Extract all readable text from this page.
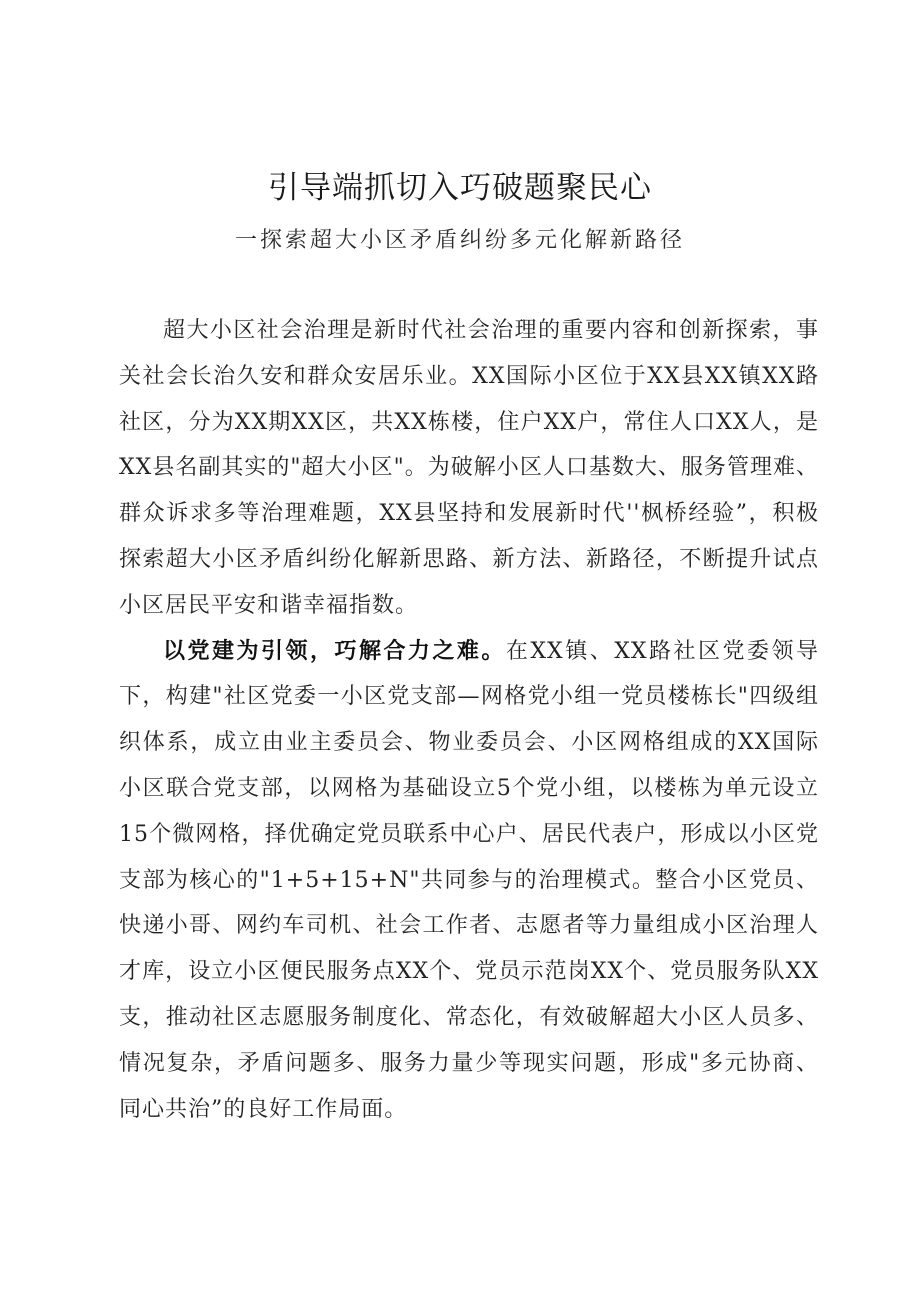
引导端抓切入巧破题聚民心
一探索超大小区矛盾纠纷多元化解新路径

超大小区社会治理是新时代社会治理的重要内容和创新探索，事关社会长治久安和群众安居乐业。XX国际小区位于XX县XX镇XX路社区，分为XX期XX区，共XX栋楼，住户XX户，常住人口XX人，是XX县名副其实的"超大小区"。为破解小区人口基数大、服务管理难、群众诉求多等治理难题，XX县坚持和发展新时代''枫桥经验”，积极探索超大小区矛盾纠纷化解新思路、新方法、新路径，不断提升试点小区居民平安和谐幸福指数。

以党建为引领，巧解合力之难。在XX镇、XX路社区党委领导下，构建"社区党委一小区党支部—网格党小组一党员楼栋长"四级组织体系，成立由业主委员会、物业委员会、小区网格组成的XX国际小区联合党支部，以网格为基础设立5个党小组，以楼栋为单元设立15个微网格，择优确定党员联系中心户、居民代表户，形成以小区党支部为核心的"1+5+15+N"共同参与的治理模式。整合小区党员、快递小哥、网约车司机、社会工作者、志愿者等力量组成小区治理人才库，设立小区便民服务点XX个、党员示范岗XX个、党员服务队XX支，推动社区志愿服务制度化、常态化，有效破解超大小区人员多、情况复杂，矛盾问题多、服务力量少等现实问题，形成"多元协商、同心共治”的良好工作局面。
